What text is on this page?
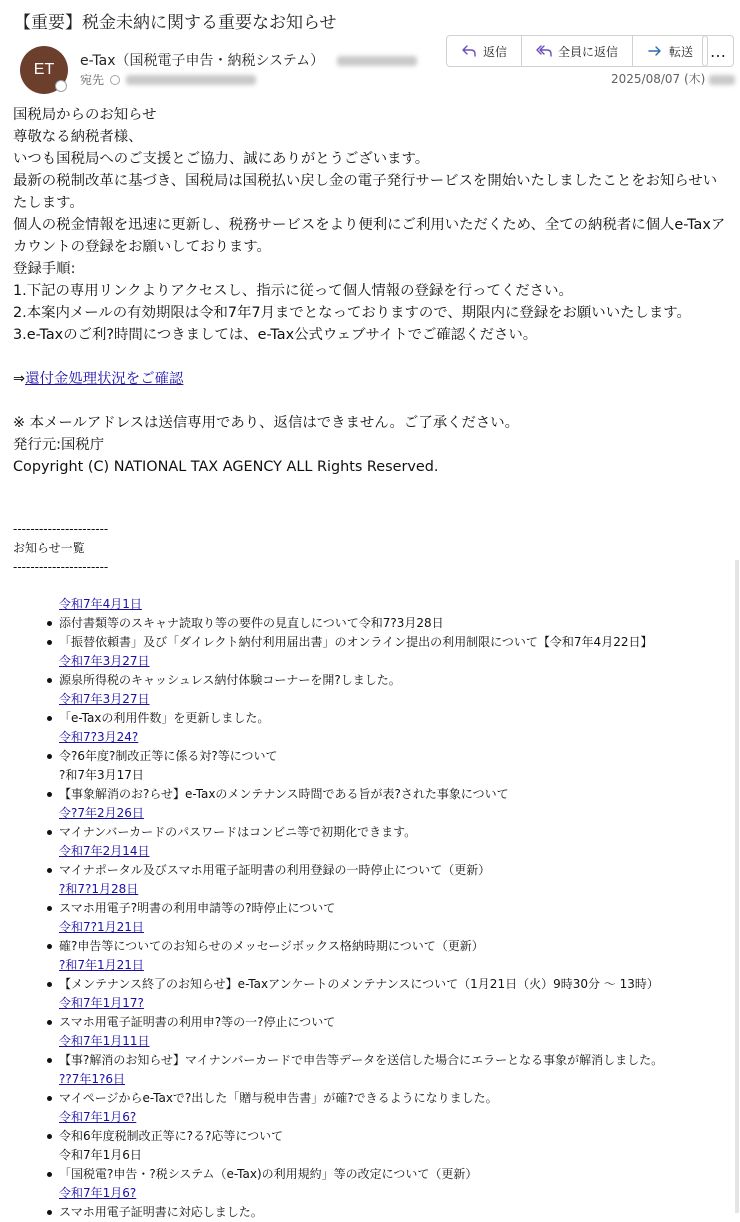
【重要】税金未納に関する重要なお知らせ
ET e-Tax（国税電子申告・納税システム）
宛先
返信	全員に返信	転送 …
2025/08/07 (木)

国税局からのお知らせ

尊敬なる納税者様、

いつも国税局へのご支援とご協力、誠にありがとうございます。

最新の税制改革に基づき、国税局は国税払い戻し金の電子発行サービスを開始いたしましたことをお知らせいたします。

個人の税金情報を迅速に更新し、税務サービスをより便利にご利用いただくため、全ての納税者に個人e-Taxアカウントの登録をお願いしております。

登録手順:

1.下記の専用リンクよりアクセスし、指示に従って個人情報の登録を行ってください。

2.本案内メールの有効期限は令和7年7月までとなっておりますので、期限内に登録をお願いいたします。

3.e-Taxのご利?時間につきましては、e-Tax公式ウェブサイトでご確認ください。

⇒還付金処理状況をご確認

※ 本メールアドレスは送信専用であり、返信はできません。ご了承ください。

発行元:国税庁

Copyright (C) NATIONAL TAX AGENCY ALL Rights Reserved.

----------------------
お知らせ一覧
----------------------
令和7年4月1日
添付書類等のスキャナ読取り等の要件の見直しについて令和7?3月28日
「振替依頼書」及び「ダイレクト納付利用届出書」のオンライン提出の利用制限について【令和7年4月22日】
令和7年3月27日
源泉所得税のキャッシュレス納付体験コーナーを開?しました。
令和7年3月27日
「e-Taxの利用件数」を更新しました。
令和7?3月24?
令?6年度?制改正等に係る対?等について
?和7年3月17日
【事象解消のお?らせ】e-Taxのメンテナンス時間である旨が表?された事象について
令?7年2月26日
マイナンバーカードのパスワードはコンビニ等で初期化できます。
令和7年2月14日
マイナポータル及びスマホ用電子証明書の利用登録の一時停止について（更新）
?和7?1月28日
スマホ用電子?明書の利用申請等の?時停止について
令和7?1月21日
確?申告等についてのお知らせのメッセージボックス格納時期について（更新）
?和7年1月21日
【メンテナンス終了のお知らせ】e-Taxアンケートのメンテナンスについて（1月21日（火）9時30分 ～ 13時）
令和7年1月17?
スマホ用電子証明書の利用申?等の一?停止について
令和7年1月11日
【事?解消のお知らせ】マイナンバーカードで申告等データを送信した場合にエラーとなる事象が解消しました。
??7年1?6日
マイページからe-Taxで?出した「贈与税申告書」が確?できるようになりました。
令和7年1月6?
令和6年度税制改正等に?る?応等について
令和7年1月6日
「国税電?申告・?税システム（e-Tax)の利用規約」等の改定について（更新）
令和7年1月6?
スマホ用電子証明書に対応しました。
